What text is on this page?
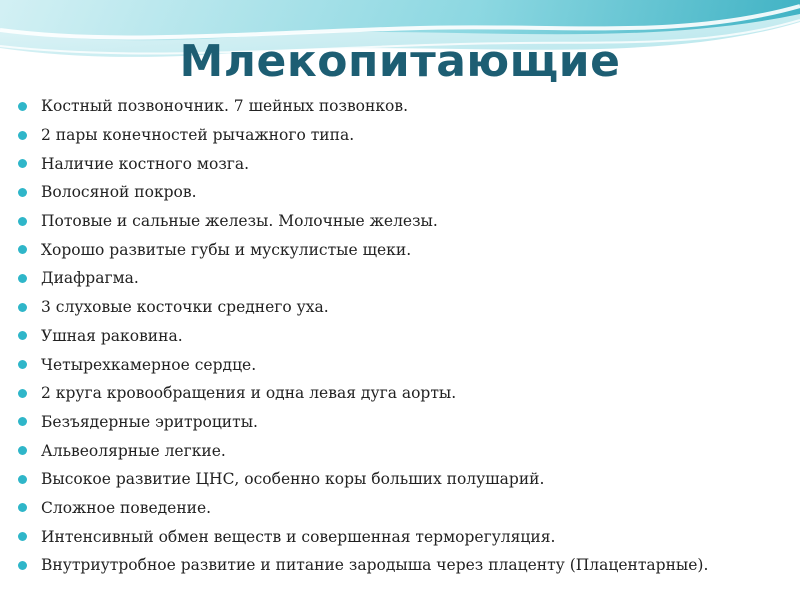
Млекопитающие
Костный позвоночник. 7 шейных позвонков.
2 пары конечностей рычажного типа.
Наличие костного мозга.
Волосяной покров.
Потовые и сальные железы. Молочные железы.
Хорошо развитые губы и мускулистые щеки.
Диафрагма.
3 слуховые косточки среднего уха.
Ушная раковина.
Четырехкамерное сердце.
2 круга кровообращения и одна левая дуга аорты.
Безъядерные эритроциты.
Альвеолярные легкие.
Высокое развитие ЦНС, особенно коры больших полушарий.
Сложное поведение.
Интенсивный обмен веществ и совершенная терморегуляция.
Внутриутробное развитие и питание зародыша через плаценту (Плацентарные).
